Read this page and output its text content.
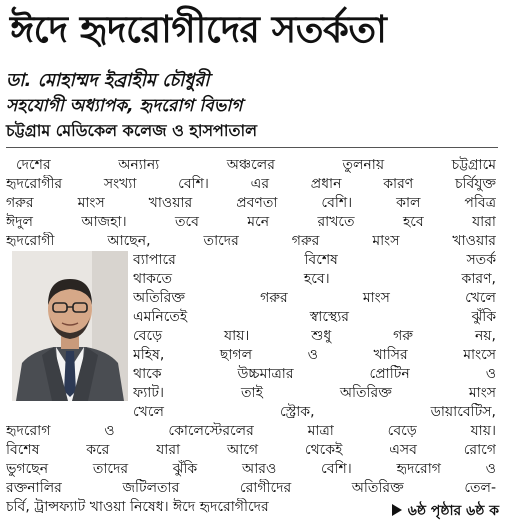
ঈদে হৃদরোগীদের সতর্কতা
ডা. মোহাম্মদ ইব্রাহীম চৌধুরী
সহযোগী অধ্যাপক, হৃদরোগ বিভাগ
চট্টগ্রাম মেডিকেল কলেজ ও হাসপাতাল
দেশের অন্যান্য অঞ্চলের তুলনায় চট্টগ্রামে
হৃদরোগীর সংখ্যা বেশি। এর প্রধান কারণ চর্বিযুক্ত
গরুর মাংস খাওয়ার প্রবণতা বেশি। কাল পবিত্র
ঈদুল আজহা। তবে মনে রাখতে হবে যারা
হৃদরোগী আছেন, তাদের গরুর মাংস খাওয়ার
ব্যাপারে বিশেষ সতর্ক
থাকতে হবে। কারণ,
অতিরিক্ত গরুর মাংস খেলে
এমনিতেই স্বাস্থ্যের ঝুঁকি
বেড়ে যায়। শুধু গরু নয়,
মহিষ, ছাগল ও খাসির মাংসে
থাকে উচ্চমাত্রার প্রোটিন ও
ফ্যাট। তাই অতিরিক্ত মাংস
খেলে স্ট্রোক, ডায়াবেটিস,
হৃদরোগ ও কোলেস্টেরলের মাত্রা বেড়ে যায়।
বিশেষ করে যারা আগে থেকেই এসব রোগে
ভুগছেন তাদের ঝুঁকি আরও বেশি। হৃদরোগ ও
রক্তনালির জটিলতার রোগীদের অতিরিক্ত তেল-
চর্বি, ট্রান্সফ্যাট খাওয়া নিষেধ। ঈদে হৃদরোগীদের	৬ষ্ঠ পৃষ্ঠার ৬ষ্ঠ ক
